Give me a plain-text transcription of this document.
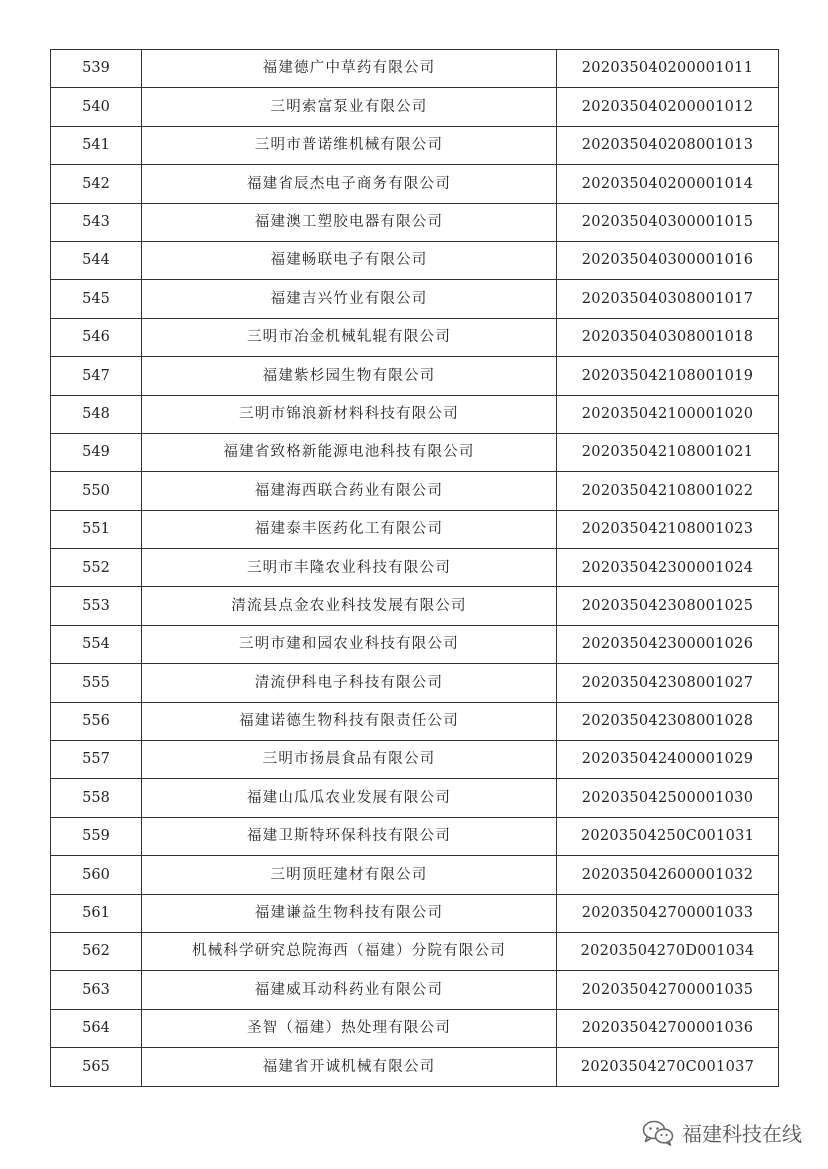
539	福建德广中草药有限公司	202035040200001011
540	三明索富泵业有限公司	202035040200001012
541	三明市普诺维机械有限公司	202035040208001013
542	福建省辰杰电子商务有限公司	202035040200001014
543	福建澳工塑胶电器有限公司	202035040300001015
544	福建畅联电子有限公司	202035040300001016
545	福建吉兴竹业有限公司	202035040308001017
546	三明市冶金机械轧辊有限公司	202035040308001018
547	福建紫杉园生物有限公司	202035042108001019
548	三明市锦浪新材料科技有限公司	202035042100001020
549	福建省致格新能源电池科技有限公司	202035042108001021
550	福建海西联合药业有限公司	202035042108001022
551	福建泰丰医药化工有限公司	202035042108001023
552	三明市丰隆农业科技有限公司	202035042300001024
553	清流县点金农业科技发展有限公司	202035042308001025
554	三明市建和园农业科技有限公司	202035042300001026
555	清流伊科电子科技有限公司	202035042308001027
556	福建诺德生物科技有限责任公司	202035042308001028
557	三明市扬晨食品有限公司	202035042400001029
558	福建山瓜瓜农业发展有限公司	202035042500001030
559	福建卫斯特环保科技有限公司	20203504250C001031
560	三明顶旺建材有限公司	202035042600001032
561	福建谦益生物科技有限公司	202035042700001033
562	机械科学研究总院海西（福建）分院有限公司	20203504270D001034
563	福建威耳动科药业有限公司	202035042700001035
564	圣智（福建）热处理有限公司	202035042700001036
565	福建省开诚机械有限公司	20203504270C001037
福建科技在线
